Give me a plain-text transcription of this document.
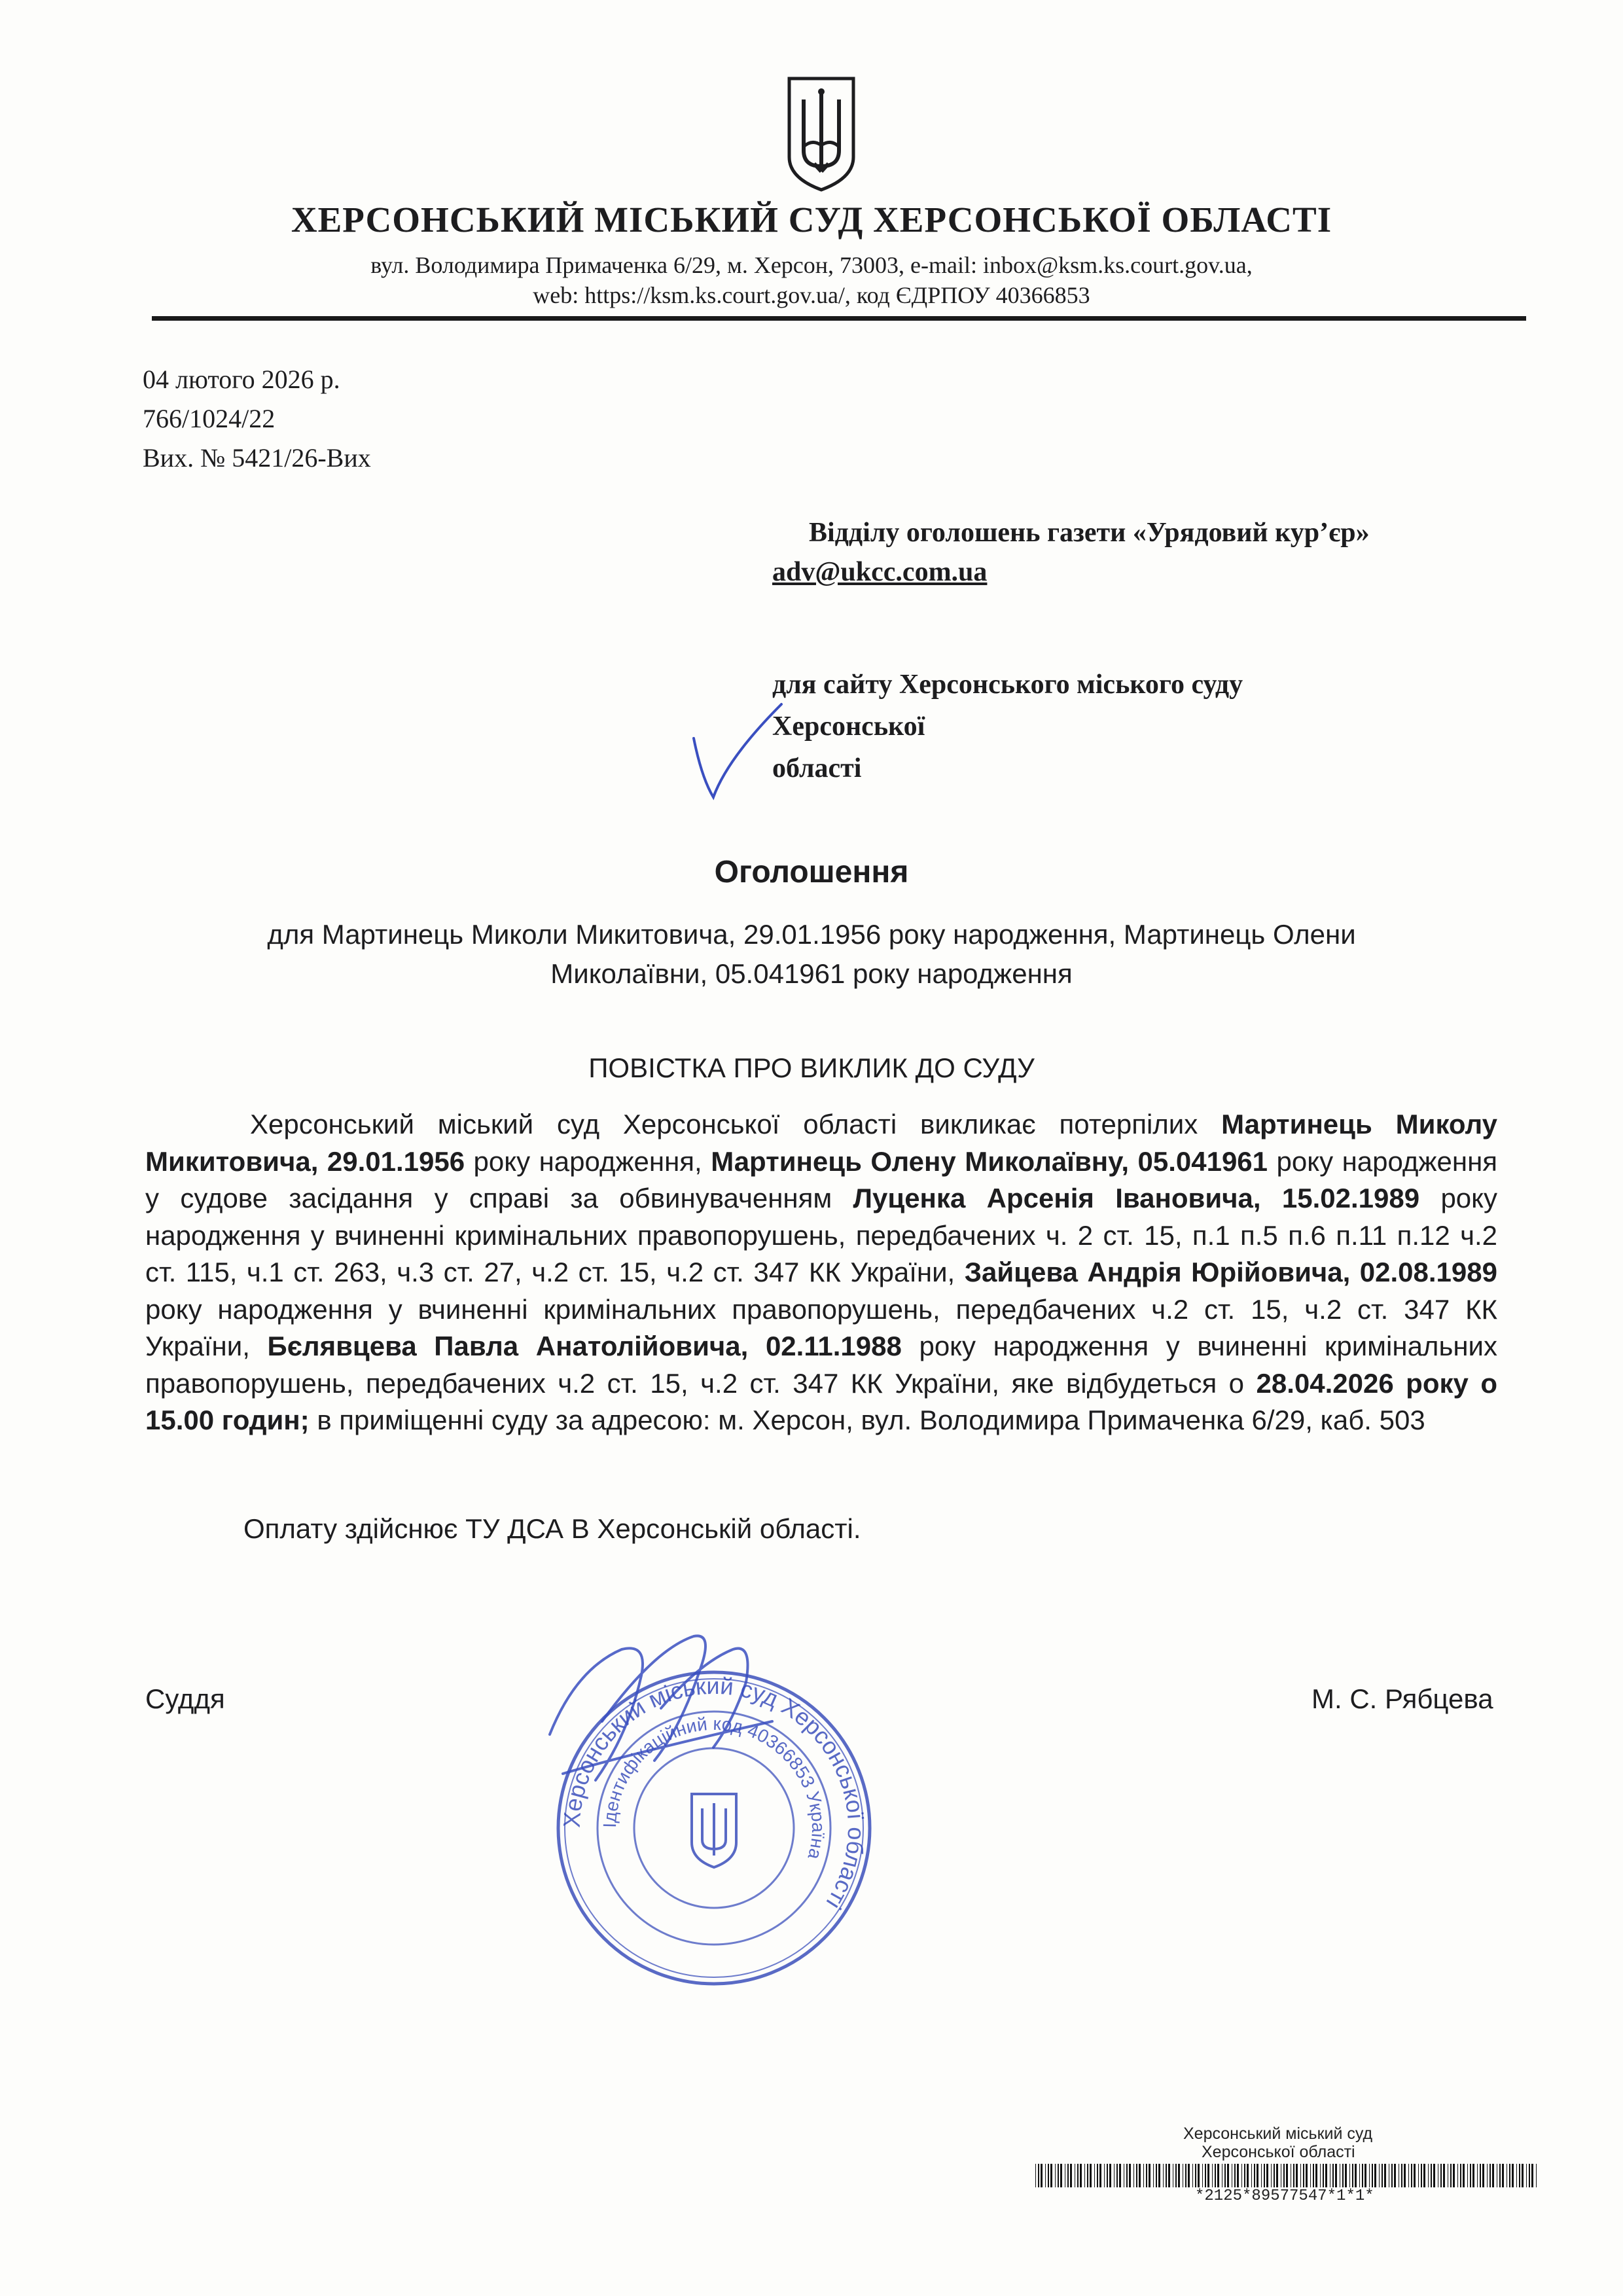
ХЕРСОНСЬКИЙ МІСЬКИЙ СУД ХЕРСОНСЬКОЇ ОБЛАСТІ
вул. Володимира Примаченка 6/29, м. Херсон, 73003, e-mail: inbox@ksm.ks.court.gov.ua,
web: https://ksm.ks.court.gov.ua/, код ЄДРПОУ 40366853
04 лютого 2026 р.
766/1024/22
Вих. № 5421/26-Вих
Відділу оголошень газети «Урядовий кур’єр»
adv@ukcc.com.ua
для сайту Херсонського міського суду
Херсонської
області
Оголошення
для Мартинець Миколи Микитовича, 29.01.1956 року народження, Мартинець Олени
Миколаївни, 05.041961 року народження
ПОВІСТКА ПРО ВИКЛИК ДО СУДУ

Херсонський міський суд Херсонської області викликає потерпілих Мартинець Миколу Микитовича, 29.01.1956 року народження, Мартинець Олену Миколаївну, 05.041961 року народження у судове засідання у справі за обвинуваченням Луценка Арсенія Івановича, 15.02.1989 року народження у вчиненні кримінальних правопорушень, передбачених ч. 2 ст. 15, п.1 п.5 п.6 п.11 п.12 ч.2 ст. 115, ч.1 ст. 263, ч.3 ст. 27, ч.2 ст. 15, ч.2 ст. 347 КК України, Зайцева Андрія Юрійовича, 02.08.1989 року народження у вчиненні кримінальних правопорушень, передбачених ч.2 ст. 15, ч.2 ст. 347 КК України, Бєлявцева Павла Анатолійовича, 02.11.1988 року народження у вчиненні кримінальних правопорушень, передбачених ч.2 ст. 15, ч.2 ст. 347 КК України, яке відбудеться о 28.04.2026 року о 15.00 годин; в приміщенні суду за адресою: м. Херсон, вул. Володимира Примаченка 6/29, каб. 503

Оплату здійснює ТУ ДСА В Херсонській області.
Суддя	М. С. Рябцева
Херсонський міський суд Херсонської області
Ідентифікаційний код 40366853 Україна
Херсонський міський суд
Херсонської області
*2125*89577547*1*1*
